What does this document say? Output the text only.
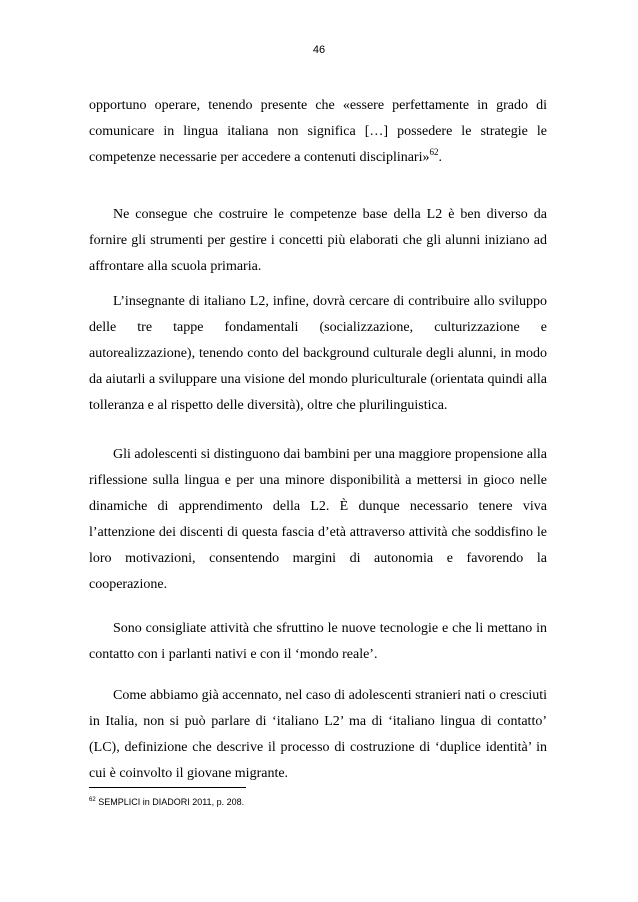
46

opportuno operare, tenendo presente che «essere perfettamente in grado di comunicare in lingua italiana non significa […] possedere le strategie le competenze necessarie per accedere a contenuti disciplinari»$^{62}$.

Ne consegue che costruire le competenze base della L2 è ben diverso da fornire gli strumenti per gestire i concetti più elaborati che gli alunni iniziano ad affrontare alla scuola primaria.

L’insegnante di italiano L2, infine, dovrà cercare di contribuire allo sviluppo delle tre tappe fondamentali (socializzazione, culturizzazione e autorealizzazione), tenendo conto del background culturale degli alunni, in modo da aiutarli a sviluppare una visione del mondo pluriculturale (orientata quindi alla tolleranza e al rispetto delle diversità), oltre che plurilinguistica.

Gli adolescenti si distinguono dai bambini per una maggiore propensione alla riflessione sulla lingua e per una minore disponibilità a mettersi in gioco nelle dinamiche di apprendimento della L2. È dunque necessario tenere viva l’attenzione dei discenti di questa fascia d’età attraverso attività che soddisfino le loro motivazioni, consentendo margini di autonomia e favorendo la cooperazione.

Sono consigliate attività che sfruttino le nuove tecnologie e che li mettano in contatto con i parlanti nativi e con il ‘mondo reale’.

Come abbiamo già accennato, nel caso di adolescenti stranieri nati o cresciuti in Italia, non si può parlare di ‘italiano L2’ ma di ‘italiano lingua di contatto’ (LC), definizione che descrive il processo di costruzione di ‘duplice identità’ in cui è coinvolto il giovane migrante.

$^{62}$ SEMPLICI in DIADORI 2011, p. 208.
